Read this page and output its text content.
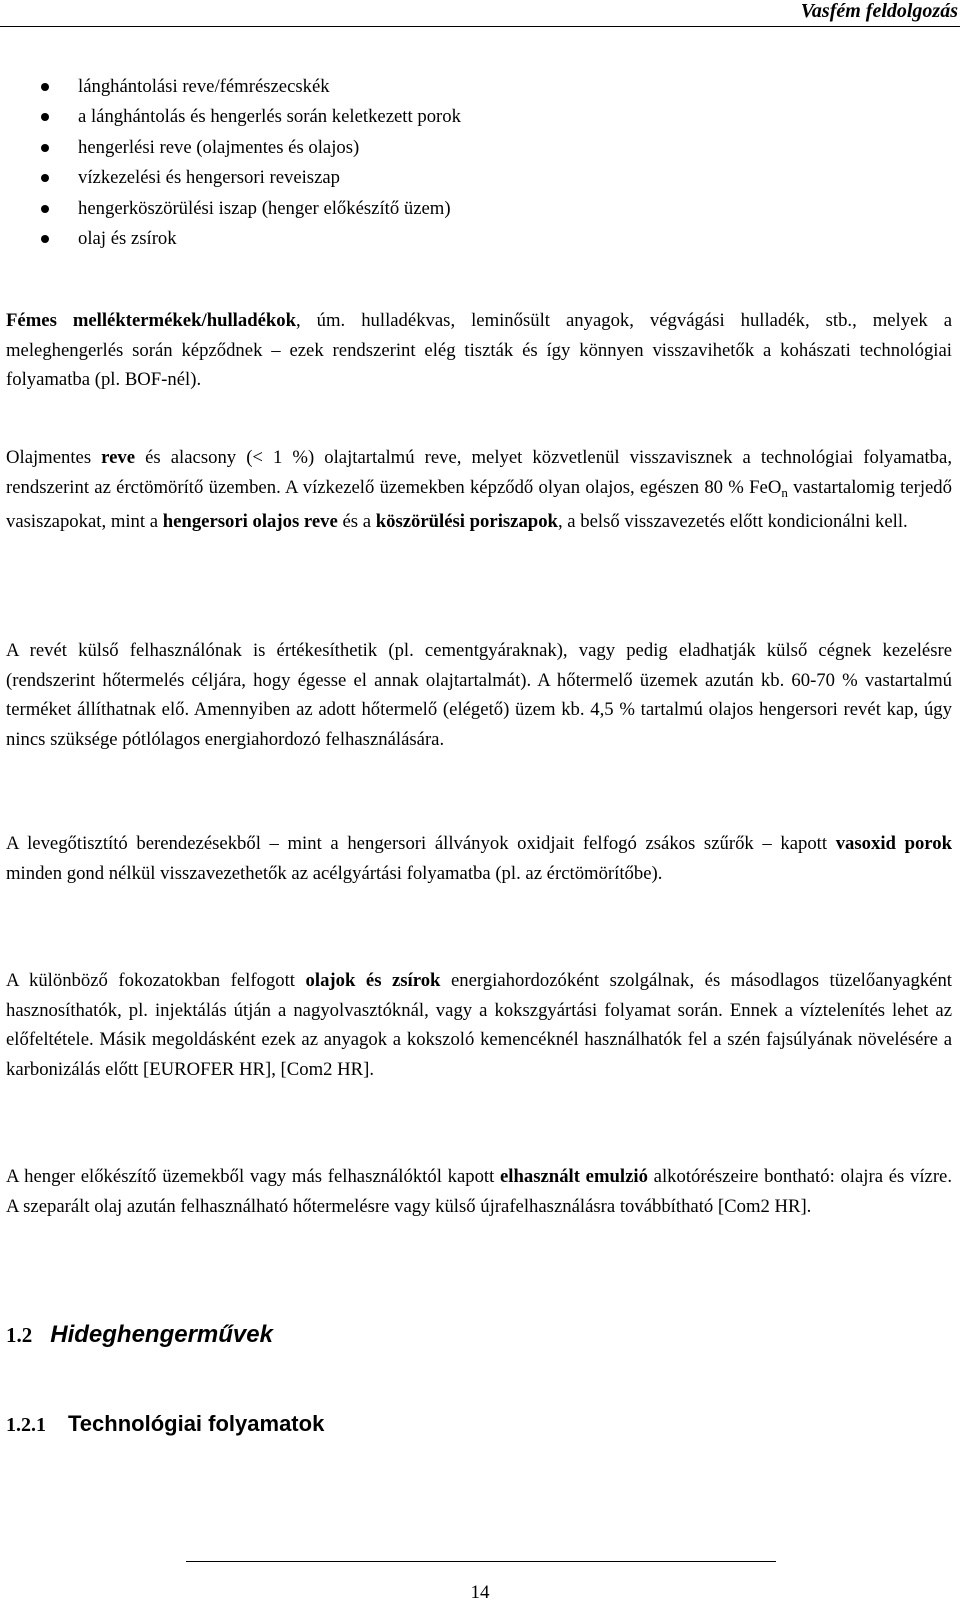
Vasfém feldolgozás
lánghántolási reve/fémrészecskék
a lánghántolás és hengerlés során keletkezett porok
hengerlési reve (olajmentes és olajos)
vízkezelési és hengersori reveiszap
hengerköszörülési iszap (henger előkészítő üzem)
olaj és zsírok

Fémes melléktermékek/hulladékok, úm. hulladékvas, leminősült anyagok, végvágási hulladék, stb., melyek a meleghengerlés során képződnek – ezek rendszerint elég tiszták és így könnyen visszavihetők a kohászati technológiai folyamatba (pl. BOF-nél).

Olajmentes reve és alacsony (< 1 %) olajtartalmú reve, melyet közvetlenül visszavisznek a technológiai folyamatba, rendszerint az érctömörítő üzemben. A vízkezelő üzemekben képződő olyan olajos, egészen 80 % FeO$_n$ vastartalomig terjedő vasiszapokat, mint a hengersori olajos reve és a köszörülési poriszapok, a belső visszavezetés előtt kondicionálni kell.

A revét külső felhasználónak is értékesíthetik (pl. cementgyáraknak), vagy pedig eladhatják külső cégnek kezelésre (rendszerint hőtermelés céljára, hogy égesse el annak olajtartalmát). A hőtermelő üzemek azután kb. 60-70 % vastartalmú terméket állíthatnak elő. Amennyiben az adott hőtermelő (elégető) üzem kb. 4,5 % tartalmú olajos hengersori revét kap, úgy nincs szüksége pótlólagos energiahordozó felhasználására.

A levegőtisztító berendezésekből – mint a hengersori állványok oxidjait felfogó zsákos szűrők – kapott vasoxid porok minden gond nélkül visszavezethetők az acélgyártási folyamatba (pl. az érctömörítőbe).

A különböző fokozatokban felfogott olajok és zsírok energiahordozóként szolgálnak, és másodlagos tüzelőanyagként hasznosíthatók, pl. injektálás útján a nagyolvasztóknál, vagy a kokszgyártási folyamat során. Ennek a víztelenítés lehet az előfeltétele. Másik megoldásként ezek az anyagok a kokszoló kemencéknél használhatók fel a szén fajsúlyának növelésére a karbonizálás előtt [EUROFER HR], [Com2 HR].

A henger előkészítő üzemekből vagy más felhasználóktól kapott elhasznált emulzió alkotórészeire bontható: olajra és vízre. A szeparált olaj azután felhasználható hőtermelésre vagy külső újrafelhasználásra továbbítható [Com2 HR].

1.2 Hideghengerművek
1.2.1 Technológiai folyamatok
14
